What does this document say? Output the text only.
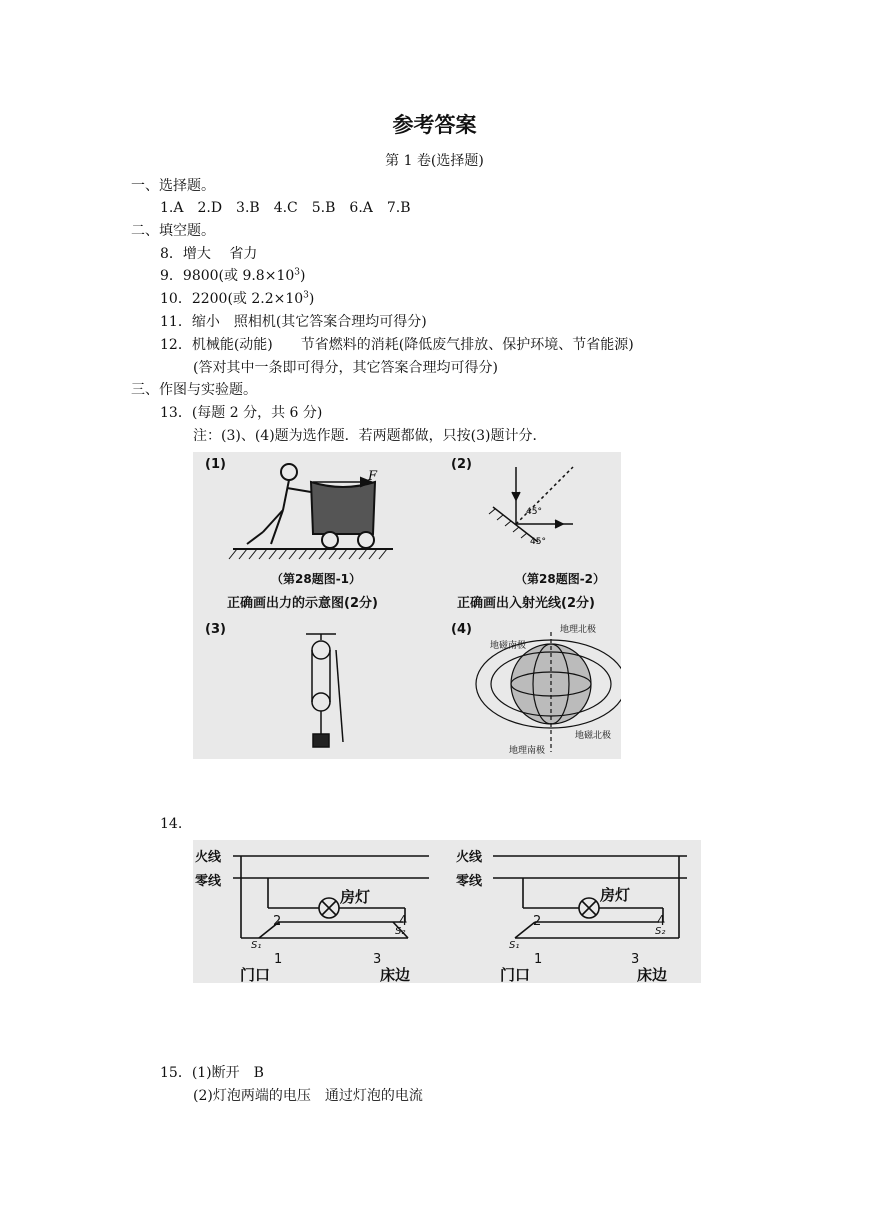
参考答案
第 1 卷(选择题)
一、选择题。
1.A　2.D　3.B　4.C　5.B　6.A　7.B
二、填空题。
8．增大　 省力
9．9800(或 $9.8\times 10^3$)
10．2200(或 $2.2\times 10^3$)
11．缩小　照相机(其它答案合理均可得分)
12．机械能(动能)　　节省燃料的消耗(降低废气排放、保护环境、节省能源)
(答对其中一条即可得分，其它答案合理均可得分)
三、作图与实验题。
13．(每题 2 分，共 6 分)
注：(3)、(4)题为选作题．若两题都做，只按(3)题计分．
F
45°
45°
(1)	(2)
（第28题图-1）	（第28题图-2）
正确画出力的示意图(2分)	正确画出入射光线(2分)
(3)	(4)	地理北极
地磁南极
地磁北极
地理南极
14.
火线
零线
房灯
2	4
S₁
S₂
1	3
门口	床边
火线
零线
房灯
2	4
S₁
S₂
1	3
门口	床边
15．(1)断开　B
(2)灯泡两端的电压　通过灯泡的电流
